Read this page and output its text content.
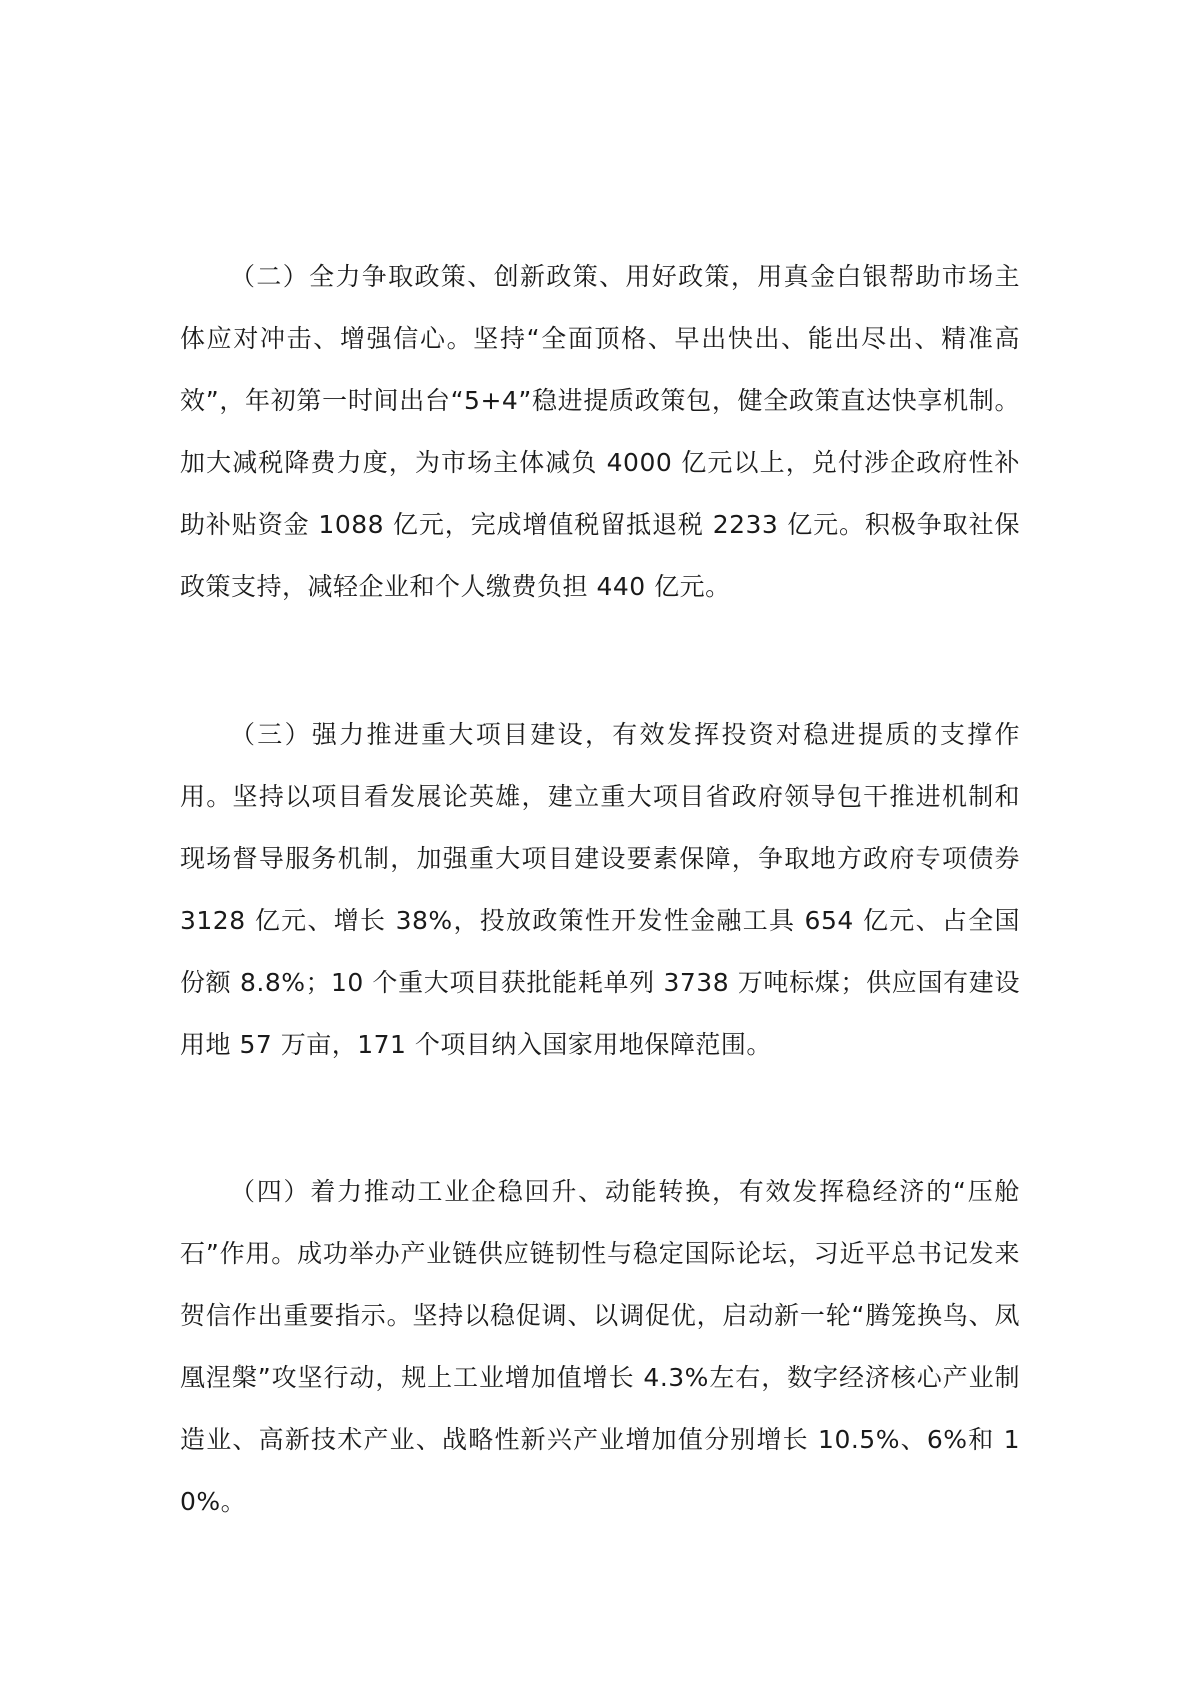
（二）全力争取政策、创新政策、用好政策，用真金白银帮助市场主体应对冲击、增强信心。坚持“全面顶格、早出快出、能出尽出、精准高效”，年初第一时间出台“5+4”稳进提质政策包，健全政策直达快享机制。加大减税降费力度，为市场主体减负 4000 亿元以上，兑付涉企政府性补助补贴资金 1088 亿元，完成增值税留抵退税 2233 亿元。积极争取社保政策支持，减轻企业和个人缴费负担 440 亿元。

（三）强力推进重大项目建设，有效发挥投资对稳进提质的支撑作用。坚持以项目看发展论英雄，建立重大项目省政府领导包干推进机制和现场督导服务机制，加强重大项目建设要素保障，争取地方政府专项债券 3128 亿元、增长 38%，投放政策性开发性金融工具 654 亿元、占全国份额 8.8%；10 个重大项目获批能耗单列 3738 万吨标煤；供应国有建设用地 57 万亩，171 个项目纳入国家用地保障范围。

（四）着力推动工业企稳回升、动能转换，有效发挥稳经济的“压舱石”作用。成功举办产业链供应链韧性与稳定国际论坛，习近平总书记发来贺信作出重要指示。坚持以稳促调、以调促优，启动新一轮“腾笼换鸟、凤凰涅槃”攻坚行动，规上工业增加值增长 4.3%左右，数字经济核心产业制造业、高新技术产业、战略性新兴产业增加值分别增长 10.5%、6%和 10%。
